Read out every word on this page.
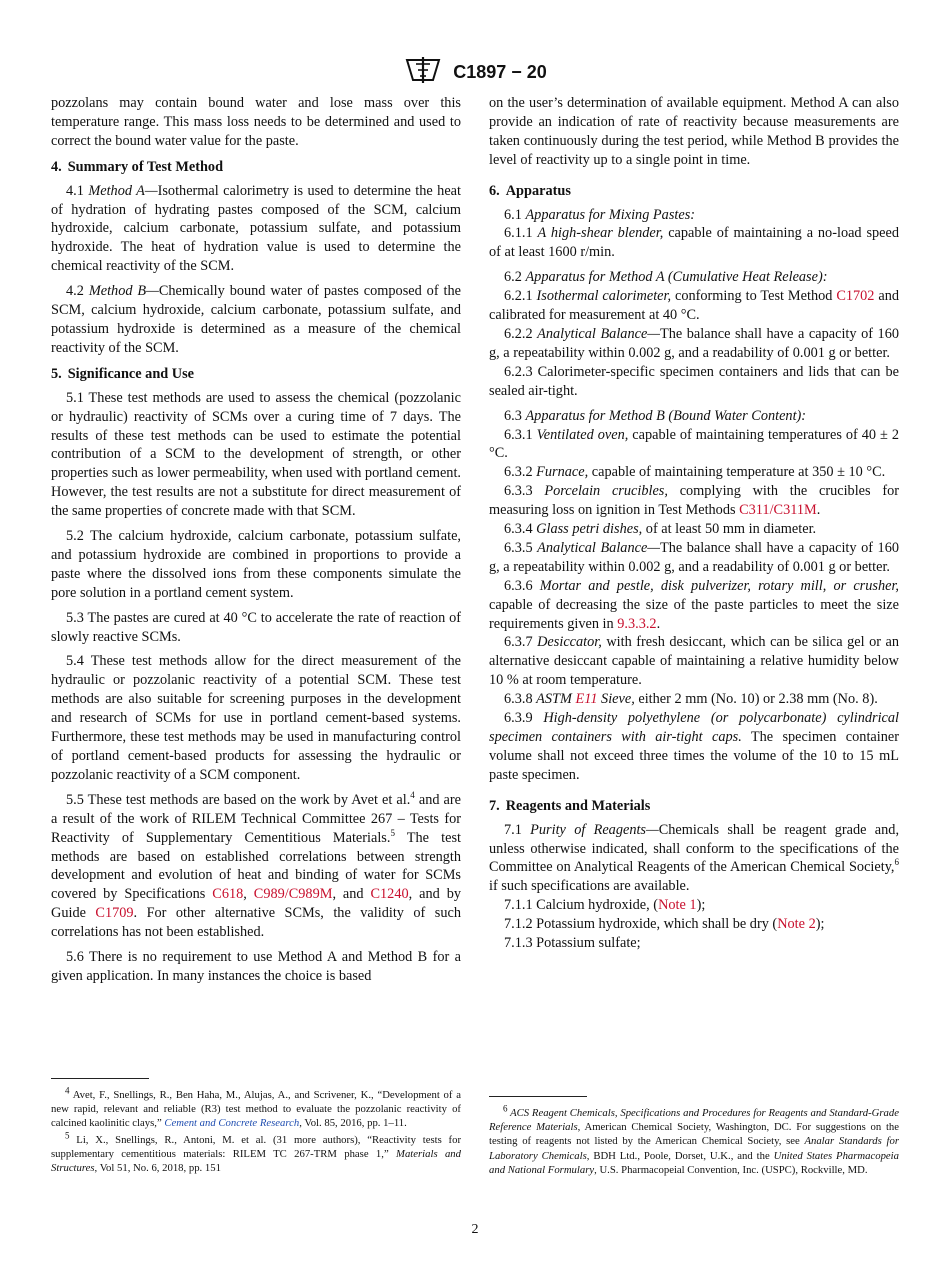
C1897 − 20

pozzolans may contain bound water and lose mass over this temperature range. This mass loss needs to be determined and used to correct the bound water value for the paste.

4. Summary of Test Method

4.1 Method A—Isothermal calorimetry is used to determine the heat of hydration of hydrating pastes composed of the SCM, calcium hydroxide, calcium carbonate, potassium sulfate, and potassium hydroxide. The heat of hydration value is used to determine the chemical reactivity of the SCM.

4.2 Method B—Chemically bound water of pastes composed of the SCM, calcium hydroxide, calcium carbonate, potassium sulfate, and potassium hydroxide is determined as a measure of the chemical reactivity of the SCM.

5. Significance and Use

5.1 These test methods are used to assess the chemical (pozzolanic or hydraulic) reactivity of SCMs over a curing time of 7 days. The results of these test methods can be used to estimate the potential contribution of a SCM to the development of strength, or other properties such as lower permeability, when used with portland cement. However, the test results are not a substitute for direct measurement of the same properties of concrete made with that SCM.

5.2 The calcium hydroxide, calcium carbonate, potassium sulfate, and potassium hydroxide are combined in proportions to provide a paste where the dissolved ions from these components simulate the pore solution in a portland cement system.

5.3 The pastes are cured at 40 °C to accelerate the rate of reaction of slowly reactive SCMs.

5.4 These test methods allow for the direct measurement of the hydraulic or pozzolanic reactivity of a potential SCM. These test methods are also suitable for screening purposes in the development and research of SCMs for use in portland cement-based systems. Furthermore, these test methods may be used in manufacturing control of portland cement-based products for assessing the hydraulic or pozzolanic reactivity of a SCM component.

5.5 These test methods are based on the work by Avet et al.$^4$ and are a result of the work of RILEM Technical Committee 267 – Tests for Reactivity of Supplementary Cementitious Materials.$^5$ The test methods are based on established correlations between strength development and evolution of heat and binding of water for SCMs covered by Specifications C618, C989/C989M, and C1240, and by Guide C1709. For other alternative SCMs, the validity of such correlations has not been established.

5.6 There is no requirement to use Method A and Method B for a given application. In many instances the choice is based

on the user’s determination of available equipment. Method A can also provide an indication of rate of reactivity because measurements are taken continuously during the test period, while Method B provides the level of reactivity up to a single point in time.

6. Apparatus

6.1 Apparatus for Mixing Pastes:

6.1.1 A high-shear blender, capable of maintaining a no-load speed of at least 1600 r/min.

6.2 Apparatus for Method A (Cumulative Heat Release):

6.2.1 Isothermal calorimeter, conforming to Test Method C1702 and calibrated for measurement at 40 °C.

6.2.2 Analytical Balance—The balance shall have a capacity of 160 g, a repeatability within 0.002 g, and a readability of 0.001 g or better.

6.2.3 Calorimeter-specific specimen containers and lids that can be sealed air-tight.

6.3 Apparatus for Method B (Bound Water Content):

6.3.1 Ventilated oven, capable of maintaining temperatures of 40 ± 2 °C.

6.3.2 Furnace, capable of maintaining temperature at 350 ± 10 °C.

6.3.3 Porcelain crucibles, complying with the crucibles for measuring loss on ignition in Test Methods C311/C311M.

6.3.4 Glass petri dishes, of at least 50 mm in diameter.

6.3.5 Analytical Balance—The balance shall have a capacity of 160 g, a repeatability within 0.002 g, and a readability of 0.001 g or better.

6.3.6 Mortar and pestle, disk pulverizer, rotary mill, or crusher, capable of decreasing the size of the paste particles to meet the size requirements given in 9.3.3.2.

6.3.7 Desiccator, with fresh desiccant, which can be silica gel or an alternative desiccant capable of maintaining a relative humidity below 10 % at room temperature.

6.3.8 ASTM E11 Sieve, either 2 mm (No. 10) or 2.38 mm (No. 8).

6.3.9 High-density polyethylene (or polycarbonate) cylindrical specimen containers with air-tight caps. The specimen container volume shall not exceed three times the volume of the 10 to 15 mL paste specimen.

7. Reagents and Materials

7.1 Purity of Reagents—Chemicals shall be reagent grade and, unless otherwise indicated, shall conform to the specifications of the Committee on Analytical Reagents of the American Chemical Society,$^6$ if such specifications are available.

7.1.1 Calcium hydroxide, (Note 1);

7.1.2 Potassium hydroxide, which shall be dry (Note 2);

7.1.3 Potassium sulfate;

$^4$ Avet, F., Snellings, R., Ben Haha, M., Alujas, A., and Scrivener, K., “Development of a new rapid, relevant and reliable (R3) test method to evaluate the pozzolanic reactivity of calcined kaolinitic clays,” Cement and Concrete Research, Vol. 85, 2016, pp. 1–11.

$^5$ Li, X., Snellings, R., Antoni, M. et al. (31 more authors), “Reactivity tests for supplementary cementitious materials: RILEM TC 267-TRM phase 1,” Materials and Structures, Vol 51, No. 6, 2018, pp. 151

$^6$ ACS Reagent Chemicals, Specifications and Procedures for Reagents and Standard-Grade Reference Materials, American Chemical Society, Washington, DC. For suggestions on the testing of reagents not listed by the American Chemical Society, see Analar Standards for Laboratory Chemicals, BDH Ltd., Poole, Dorset, U.K., and the United States Pharmacopeia and National Formulary, U.S. Pharmacopeial Convention, Inc. (USPC), Rockville, MD.

2
